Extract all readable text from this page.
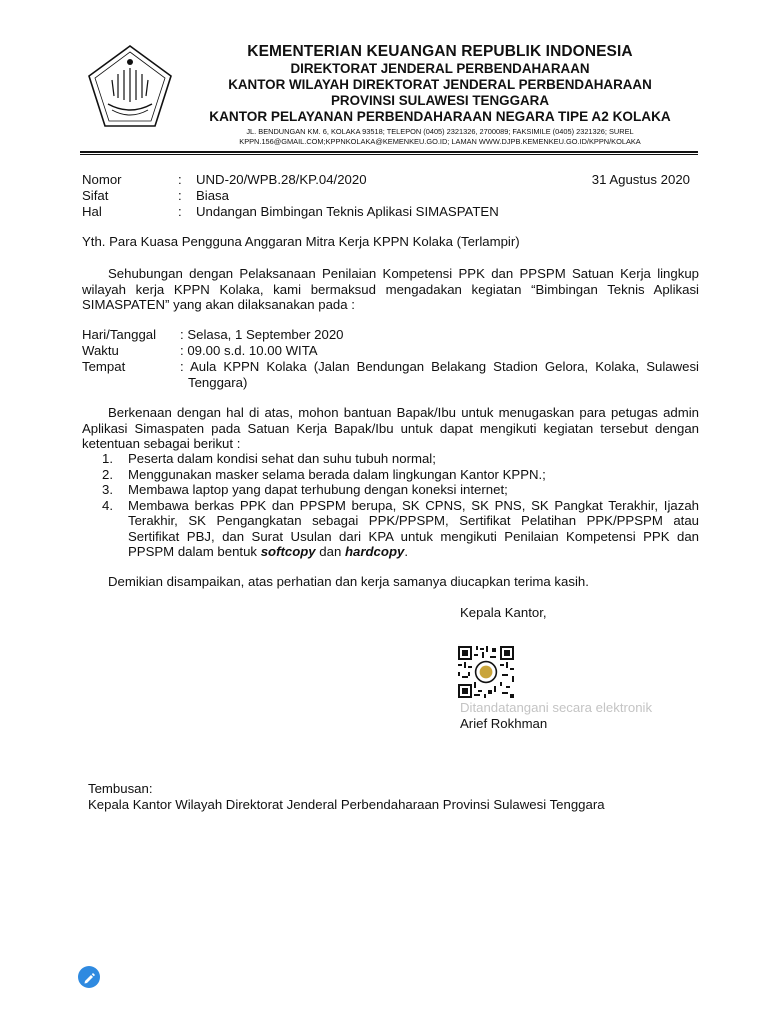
KEMENTERIAN KEUANGAN REPUBLIK INDONESIA
DIREKTORAT JENDERAL PERBENDAHARAAN
KANTOR WILAYAH DIREKTORAT JENDERAL PERBENDAHARAAN
PROVINSI SULAWESI TENGGARA
KANTOR PELAYANAN PERBENDAHARAAN NEGARA TIPE A2 KOLAKA
JL. BENDUNGAN KM. 6, KOLAKA 93518; TELEPON (0405) 2321326, 2700089; FAKSIMILE (0405) 2321326; SUREL
KPPN.156@GMAIL.COM;KPPNKOLAKA@KEMENKEU.GO.ID; LAMAN WWW.DJPB.KEMENKEU.GO.ID/KPPN/KOLAKA
Nomor	: UND-20/WPB.28/KP.04/2020	31 Agustus 2020
Sifat	: Biasa
Hal	: Undangan Bimbingan Teknis Aplikasi SIMASPATEN
Yth. Para Kuasa Pengguna Anggaran Mitra Kerja KPPN Kolaka (Terlampir)
Sehubungan dengan Pelaksanaan Penilaian Kompetensi PPK dan PPSPM Satuan Kerja lingkup wilayah kerja KPPN Kolaka, kami bermaksud mengadakan kegiatan “Bimbingan Teknis Aplikasi SIMASPATEN” yang akan dilaksanakan pada :
Hari/Tanggal : Selasa, 1 September 2020
Waktu	: 09.00 s.d. 10.00 WITA
Tempat	: Aula KPPN Kolaka (Jalan Bendungan Belakang Stadion Gelora, Kolaka, Sulawesi Tenggara)
Berkenaan dengan hal di atas, mohon bantuan Bapak/Ibu untuk menugaskan para petugas admin Aplikasi Simaspaten pada Satuan Kerja Bapak/Ibu untuk dapat mengikuti kegiatan tersebut dengan ketentuan sebagai berikut :
1. Peserta dalam kondisi sehat dan suhu tubuh normal;
2. Menggunakan masker selama berada dalam lingkungan Kantor KPPN.;
3. Membawa laptop yang dapat terhubung dengan koneksi internet;
4. Membawa berkas PPK dan PPSPM berupa, SK CPNS, SK PNS, SK Pangkat Terakhir, Ijazah Terakhir, SK Pengangkatan sebagai PPK/PPSPM, Sertifikat Pelatihan PPK/PPSPM atau Sertifikat PBJ, dan Surat Usulan dari KPA untuk mengikuti Penilaian Kompetensi PPK dan PPSPM dalam bentuk softcopy dan hardcopy.
Demikian disampaikan, atas perhatian dan kerja samanya diucapkan terima kasih.
Kepala Kantor,
Ditandatangani secara elektronik
Arief Rokhman
Tembusan:
Kepala Kantor Wilayah Direktorat Jenderal Perbendaharaan Provinsi Sulawesi Tenggara
